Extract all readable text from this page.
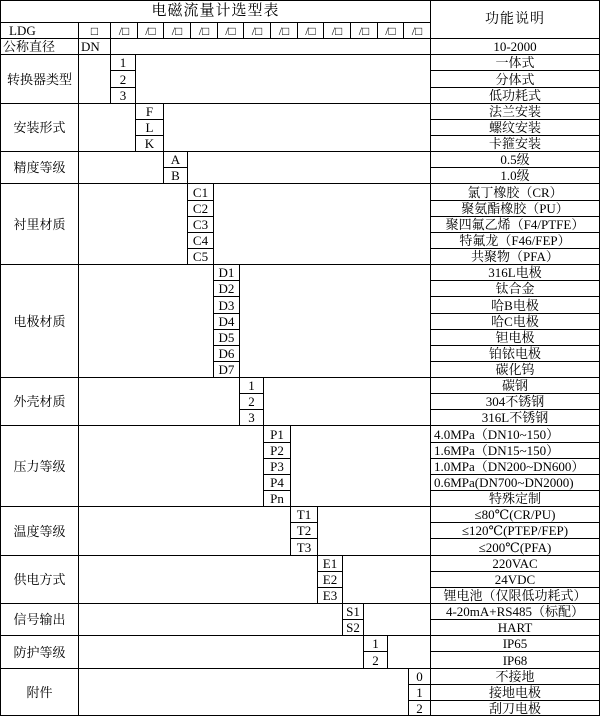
电磁流量计选型表	功能说明
LDG	□	/□	/□	/□	/□	/□	/□	/□	/□	/□	/□	/□	/□
公称直径	DN	10-2000
转换器类型
1	一体式
2	分体式
3	低功耗式
安装形式
F	法兰安装
L	螺纹安装
K	卡箍安装
精度等级
A	0.5级
B	1.0级
衬里材质
C1	氯丁橡胶（CR）
C2	聚氨酯橡胶（PU）
C3	聚四氟乙烯（F4/PTFE）
C4	特氟龙（F46/FEP）
C5	共聚物（PFA）
电极材质
D1	316L电极
D2	钛合金
D3	哈B电极
D4	哈C电极
D5	钽电极
D6	铂铱电极
D7	碳化钨
外壳材质
1	碳钢
2	304不锈钢
3	316L不锈钢
压力等级
P1	4.0MPa（DN10~150）
P2	1.6MPa（DN15~150）
P3	1.0MPa（DN200~DN600）
P4	0.6MPa(DN700~DN2000)
Pn	特殊定制
温度等级
T1	≤80℃(CR/PU)
T2	≤120℃(PTEP/FEP)
T3	≤200℃(PFA)
供电方式
E1	220VAC
E2	24VDC
E3	锂电池（仅限低功耗式）
信号输出
S1	4-20mA+RS485（标配）
S2	HART
防护等级
1	IP65
2	IP68
附件
0	不接地
1	接地电极
2	刮刀电极
